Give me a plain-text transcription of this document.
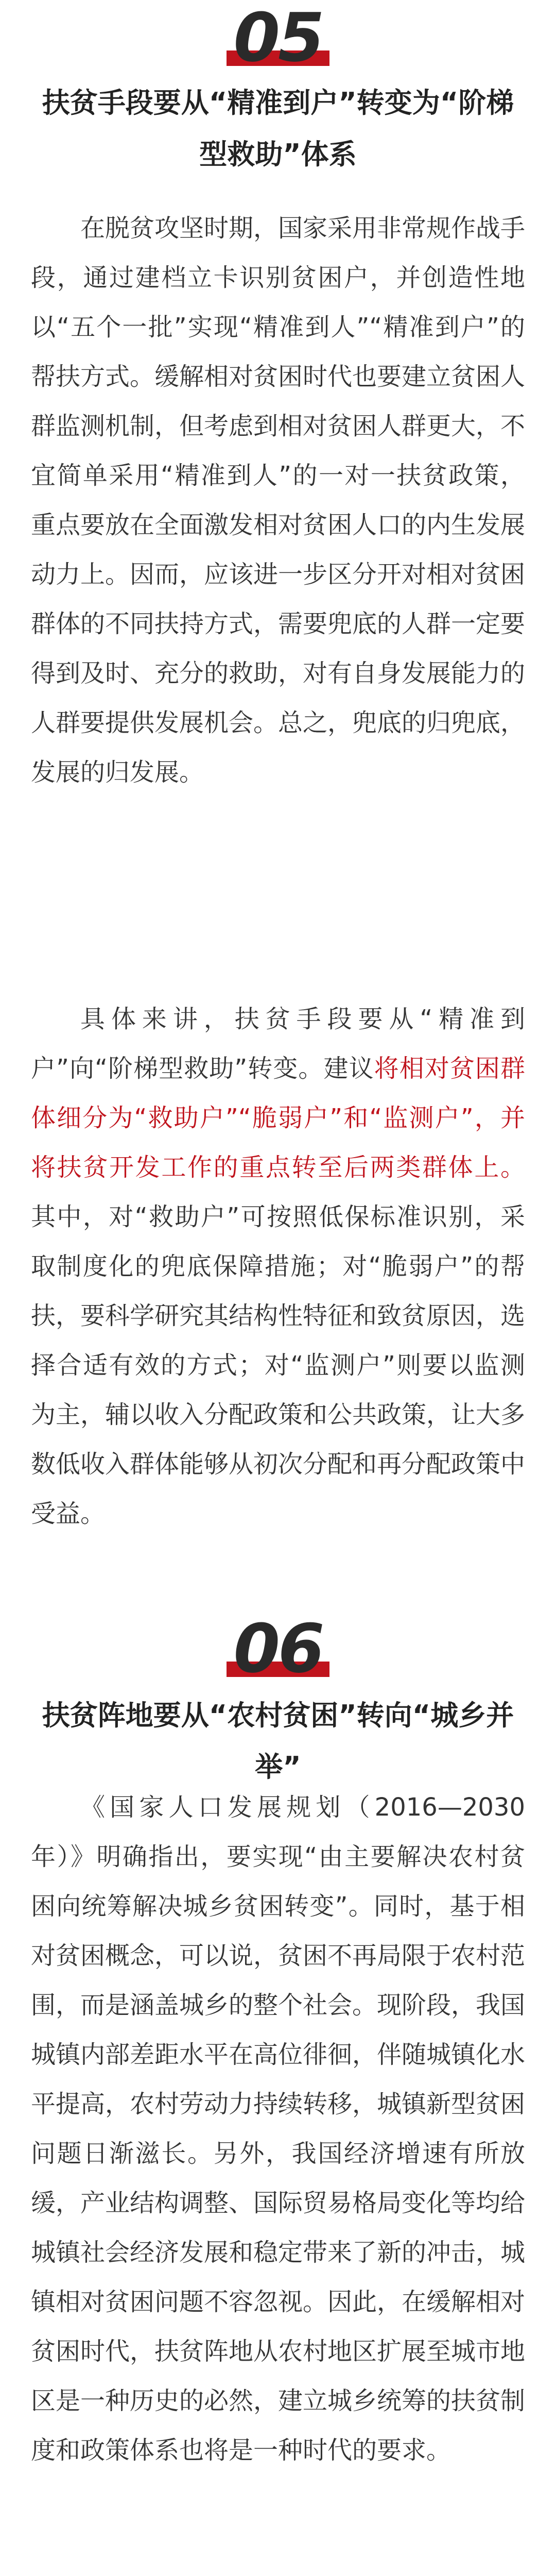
05
扶贫手段要从“精准到户”转变为“阶梯型救助”体系

在脱贫攻坚时期，国家采用非常规作战手段，通过建档立卡识别贫困户，并创造性地以“五个一批”实现“精准到人”“精准到户”的帮扶方式。缓解相对贫困时代也要建立贫困人群监测机制，但考虑到相对贫困人群更大，不宜简单采用“精准到人”的一对一扶贫政策，重点要放在全面激发相对贫困人口的内生发展动力上。因而，应该进一步区分开对相对贫困群体的不同扶持方式，需要兜底的人群一定要得到及时、充分的救助，对有自身发展能力的人群要提供发展机会。总之，兜底的归兜底，发展的归发展。

具体来讲，扶贫手段要从“精准到户”向“阶梯型救助”转变。建议将相对贫困群体细分为“救助户”“脆弱户”和“监测户”，并将扶贫开发工作的重点转至后两类群体上。其中，对“救助户”可按照低保标准识别，采取制度化的兜底保障措施；对“脆弱户”的帮扶，要科学研究其结构性特征和致贫原因，选择合适有效的方式；对“监测户”则要以监测为主，辅以收入分配政策和公共政策，让大多数低收入群体能够从初次分配和再分配政策中受益。

06
扶贫阵地要从“农村贫困”转向“城乡并举”

《国家人口发展规划（2016—2030年）》明确指出，要实现“由主要解决农村贫困向统筹解决城乡贫困转变”。同时，基于相对贫困概念，可以说，贫困不再局限于农村范围，而是涵盖城乡的整个社会。现阶段，我国城镇内部差距水平在高位徘徊，伴随城镇化水平提高，农村劳动力持续转移，城镇新型贫困问题日渐滋长。另外，我国经济增速有所放缓，产业结构调整、国际贸易格局变化等均给城镇社会经济发展和稳定带来了新的冲击，城镇相对贫困问题不容忽视。因此，在缓解相对贫困时代，扶贫阵地从农村地区扩展至城市地区是一种历史的必然，建立城乡统筹的扶贫制度和政策体系也将是一种时代的要求。
